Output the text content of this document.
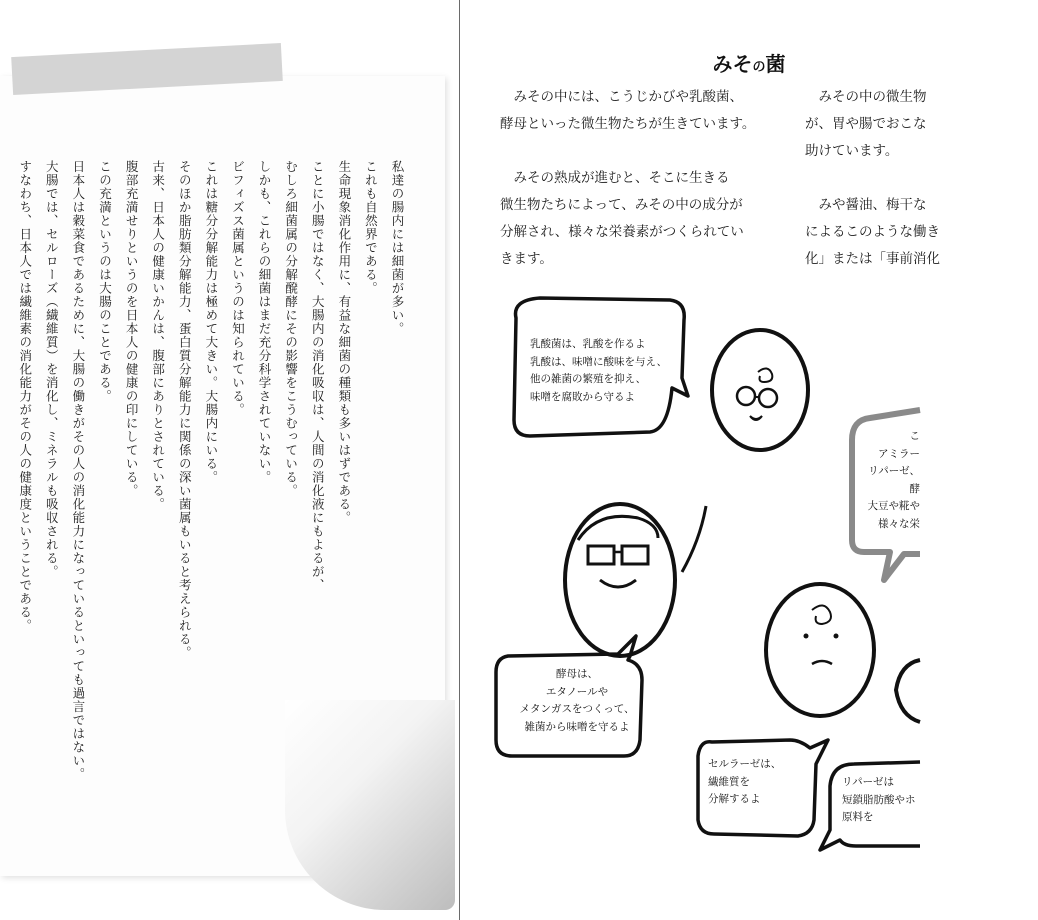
私達の腸内には細菌が多い。

これも自然界である。

生命現象消化作用に、有益な細菌の種類も多いはずである。

ことに小腸ではなく、大腸内の消化吸収は、人間の消化液にもよるが、

むしろ細菌属の分解醗酵にその影響をこうむっている。

しかも、これらの細菌はまだ充分科学されていない。

ビフィズス菌属というのは知られている。

これは糖分分解能力は極めて大きい。大腸内にいる。

そのほか脂肪類分解能力、蛋白質分解能力に関係の深い菌属もいると考えられる。

古来、日本人の健康いかんは、腹部にありとされている。

腹部充満せりというのを日本人の健康の印にしている。

この充満というのは大腸のことである。

日本人は穀菜食であるために、大腸の働きがその人の消化能力になっているといっても過言ではない。

大腸では、セルローズ（繊維質）を消化し、ミネラルも吸収される。

すなわち、日本人では繊維素の消化能力がその人の健康度ということである。

みその菌
　みその中には、こうじかびや乳酸菌、
酵母といった微生物たちが生きています。

　みその熟成が進むと、そこに生きる
微生物たちによって、みその中の成分が
分解され、様々な栄養素がつくられてい
きます。
　みその中の微生物
が、胃や腸でおこな
助けています。

　みや醤油、梅干な
によるこのような働き
化」または「事前消化
乳酸菌は、乳酸を作るよ
乳酸は、味噌に酸味を与え、
他の雑菌の繁殖を抑え、
味噌を腐敗から守るよ
酵母は、
エタノールや
メタンガスをつくって、
雑菌から味噌を守るよ
セルラーゼは、
繊維質を
分解するよ
リパーゼは
短鎖脂肪酸やホ
原料を
こ
アミラー
リパーゼ、
酵
大豆や糀や
様々な栄
